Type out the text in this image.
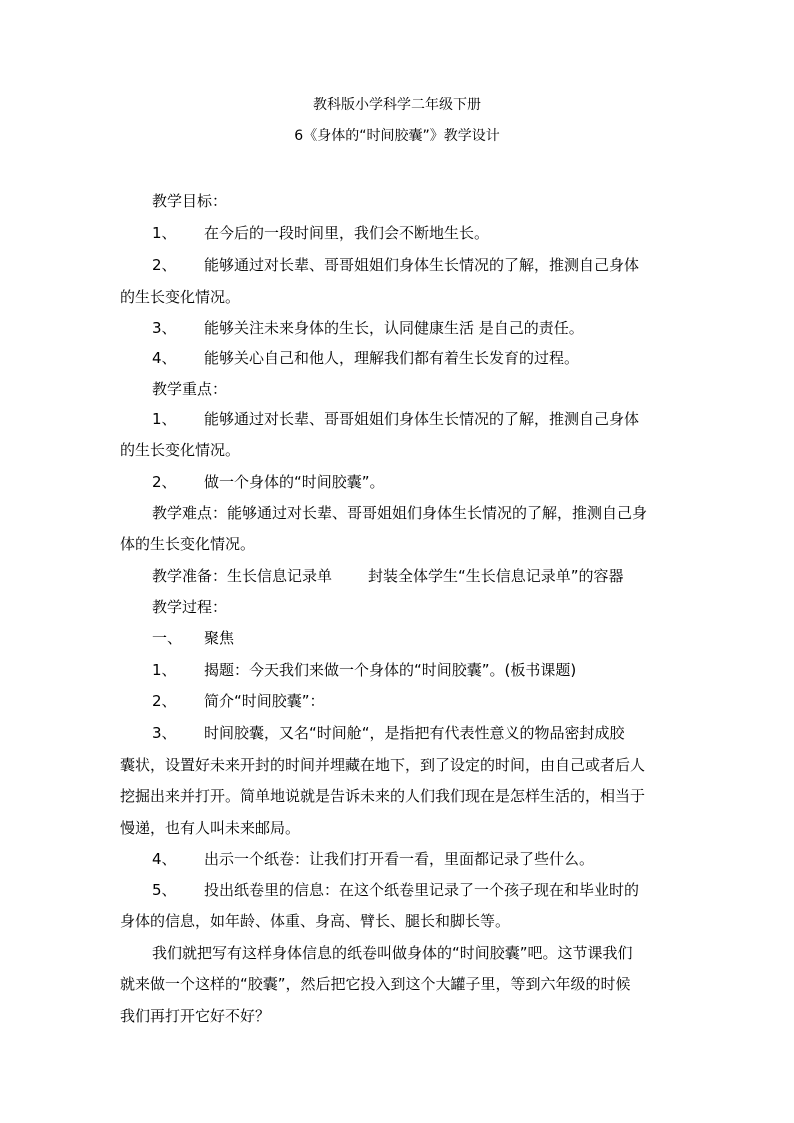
教科版小学科学二年级下册
6《身体的“时间胶囊”》教学设计
教学目标：
1、 在今后的一段时间里，我们会不断地生长。
2、 能够通过对长辈、哥哥姐姐们身体生长情况的了解，推测自己身体
的生长变化情况。
3、 能够关注未来身体的生长，认同健康生活 是自己的责任。
4、 能够关心自己和他人，理解我们都有着生长发育的过程。
教学重点：
1、 能够通过对长辈、哥哥姐姐们身体生长情况的了解，推测自己身体
的生长变化情况。
2、 做一个身体的“时间胶囊”。
教学难点：能够通过对长辈、哥哥姐姐们身体生长情况的了解，推测自己身
体的生长变化情况。
教学准备：生长信息记录单 封装全体学生“生长信息记录单”的容器
教学过程：
一、 聚焦
1、 揭题：今天我们来做一个身体的“时间胶囊”。(板书课题)
2、 简介“时间胶囊”：
3、 时间胶囊，又名“时间舱“，是指把有代表性意义的物品密封成胶
囊状，设置好未来开封的时间并埋藏在地下，到了设定的时间，由自己或者后人
挖掘出来并打开。简单地说就是告诉未来的人们我们现在是怎样生活的，相当于
慢递，也有人叫未来邮局。
4、 出示一个纸卷：让我们打开看一看，里面都记录了些什么。
5、 投出纸卷里的信息：在这个纸卷里记录了一个孩子现在和毕业时的
身体的信息，如年龄、体重、身高、臂长、腿长和脚长等。
我们就把写有这样身体信息的纸卷叫做身体的“时间胶囊”吧。这节课我们
就来做一个这样的“胶囊”，然后把它投入到这个大罐子里，等到六年级的时候
我们再打开它好不好？
